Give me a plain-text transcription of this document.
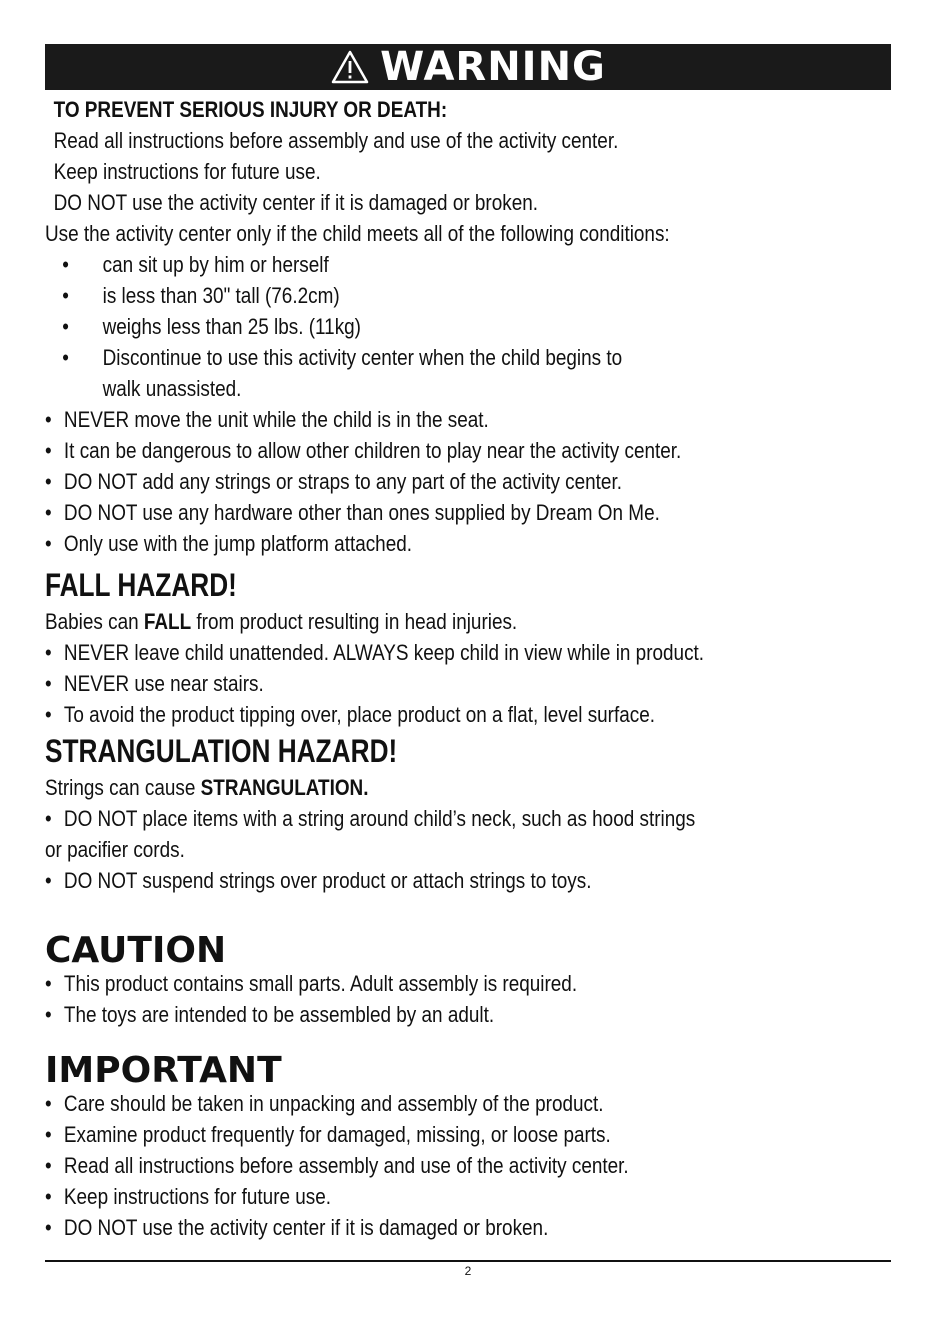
WARNING
TO PREVENT SERIOUS INJURY OR DEATH:
Read all instructions before assembly and use of the activity center.
Keep instructions for future use.
DO NOT use the activity center if it is damaged or broken.
Use the activity center only if the child meets all of the following conditions:
• can sit up by him or herself
• is less than 30" tall (76.2cm)
• weighs less than 25 lbs. (11kg)
• Discontinue to use this activity center when the child begins to
walk unassisted.
• NEVER move the unit while the child is in the seat.
• It can be dangerous to allow other children to play near the activity center.
• DO NOT add any strings or straps to any part of the activity center.
• DO NOT use any hardware other than ones supplied by Dream On Me.
• Only use with the jump platform attached.
FALL HAZARD!
Babies can FALL from product resulting in head injuries.
• NEVER leave child unattended. ALWAYS keep child in view while in product.
• NEVER use near stairs.
• To avoid the product tipping over, place product on a flat, level surface.
STRANGULATION HAZARD!
Strings can cause STRANGULATION.
• DO NOT place items with a string around child’s neck, such as hood strings
or pacifier cords.
• DO NOT suspend strings over product or attach strings to toys.
CAUTION
• This product contains small parts. Adult assembly is required.
• The toys are intended to be assembled by an adult.
IMPORTANT
• Care should be taken in unpacking and assembly of the product.
• Examine product frequently for damaged, missing, or loose parts.
• Read all instructions before assembly and use of the activity center.
• Keep instructions for future use.
• DO NOT use the activity center if it is damaged or broken.
2
